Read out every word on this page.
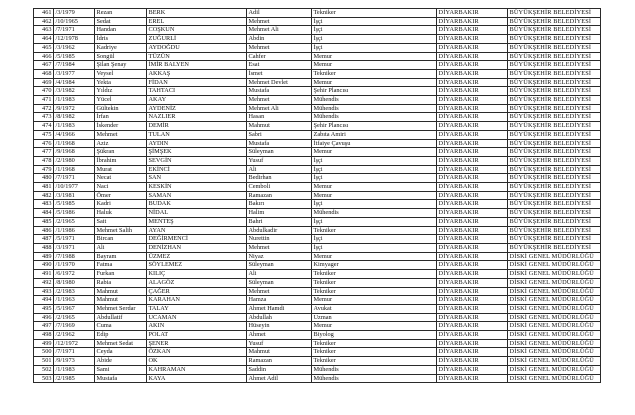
461	/3/1979	Rezan	BERK	Adil	Tekniker	DİYARBAKIR	BÜYÜKŞEHİR BELEDİYESİ
462	/10/1965	Sedat	EREL	Mehmet	İşçi	DİYARBAKIR	BÜYÜKŞEHİR BELEDİYESİ
463	/7/1971	Handan	COŞKUN	Mehmet Ali	İşçi	DİYARBAKIR	BÜYÜKŞEHİR BELEDİYESİ
464	/12/1978	İdris	ZUĞURLİ	Abdin	İşçi	DİYARBAKIR	BÜYÜKŞEHİR BELEDİYESİ
465	/3/1962	Kadriye	AYDOĞDU	Mehmet	İşçi	DİYARBAKIR	BÜYÜKŞEHİR BELEDİYESİ
466	/5/1985	Songül	TÜZÜN	Cahfer	Memur	DİYARBAKIR	BÜYÜKŞEHİR BELEDİYESİ
467	/7/1984	Şilan Şenay	İMİR BALYEN	Esat	Memur	DİYARBAKIR	BÜYÜKŞEHİR BELEDİYESİ
468	/3/1977	Veysel	AKKAŞ	İsmet	Tekniker	DİYARBAKIR	BÜYÜKŞEHİR BELEDİYESİ
469	/4/1984	Yekta	FİDAN	Mehmet Devlet	Memur	DİYARBAKIR	BÜYÜKŞEHİR BELEDİYESİ
470	/3/1982	Yıldız	TAHTACI	Mustafa	Şehir Plancısı	DİYARBAKIR	BÜYÜKŞEHİR BELEDİYESİ
471	/1/1983	Yücel	AKAY	Mehmet	Mühendis	DİYARBAKIR	BÜYÜKŞEHİR BELEDİYESİ
472	/9/1972	Gültekin	AYDENİZ	Mehmet Ali	Mühendis	DİYARBAKIR	BÜYÜKŞEHİR BELEDİYESİ
473	/8/1982	İrfan	NAZLIER	Hasan	Mühendis	DİYARBAKIR	BÜYÜKŞEHİR BELEDİYESİ
474	/1/1983	İskender	DEMİR	Mahmut	Şehir Plancısı	DİYARBAKIR	BÜYÜKŞEHİR BELEDİYESİ
475	/4/1966	Mehmet	TULAN	Sabri	Zabıta Amiri	DİYARBAKIR	BÜYÜKŞEHİR BELEDİYESİ
476	/1/1968	Aziz	AYDIN	Mustafa	İtfaiye Çavuşu	DİYARBAKIR	BÜYÜKŞEHİR BELEDİYESİ
477	/9/1968	Şükran	ŞİMŞEK	Süleyman	Memur	DİYARBAKIR	BÜYÜKŞEHİR BELEDİYESİ
478	/2/1980	İbrahim	SEVGİN	Yusuf	İşçi	DİYARBAKIR	BÜYÜKŞEHİR BELEDİYESİ
479	/1/1968	Murat	EKİNCİ	Ali	İşçi	DİYARBAKIR	BÜYÜKŞEHİR BELEDİYESİ
480	/7/1971	Necat	SAN	Bedirhan	İşçi	DİYARBAKIR	BÜYÜKŞEHİR BELEDİYESİ
481	/10/1977	Naci	KESKİN	Cemboli	Memur	DİYARBAKIR	BÜYÜKŞEHİR BELEDİYESİ
482	/3/1981	Ömer	SAMAN	Ramazan	Memur	DİYARBAKIR	BÜYÜKŞEHİR BELEDİYESİ
483	/5/1985	Kadri	BUDAK	Bakırı	İşçi	DİYARBAKIR	BÜYÜKŞEHİR BELEDİYESİ
484	/5/1986	Haluk	NİDAL	Halim	Mühendis	DİYARBAKIR	BÜYÜKŞEHİR BELEDİYESİ
485	/2/1965	Sait	MENTEŞ	Bahri	İşçi	DİYARBAKIR	BÜYÜKŞEHİR BELEDİYESİ
486	/1/1986	Mehmet Salih	AYAN	Abdulkadir	Tekniker	DİYARBAKIR	BÜYÜKŞEHİR BELEDİYESİ
487	/5/1971	Bircan	DEĞİRMENCİ	Nurettin	İşçi	DİYARBAKIR	BÜYÜKŞEHİR BELEDİYESİ
488	/3/1971	Ali	DENİZHAN	Mehmet	İşçi	DİYARBAKIR	BÜYÜKŞEHİR BELEDİYESİ
489	/7/1988	Bayram	ÜZMEZ	Niyaz	Memur	DİYARBAKIR	DİSKİ GENEL MÜDÜRLÜĞÜ
490	/1/1970	Fatma	SÖYLEMEZ	Süleyman	Kimyager	DİYARBAKIR	DİSKİ GENEL MÜDÜRLÜĞÜ
491	/6/1972	Furkan	KILIÇ	Ali	Tekniker	DİYARBAKIR	DİSKİ GENEL MÜDÜRLÜĞÜ
492	/8/1980	Rabia	ALAGÖZ	Süleyman	Tekniker	DİYARBAKIR	DİSKİ GENEL MÜDÜRLÜĞÜ
493	/2/1983	Mahmut	ÇAĞER	Mehmet	Tekniker	DİYARBAKIR	DİSKİ GENEL MÜDÜRLÜĞÜ
494	/1/1963	Mahmut	KARAHAN	Hamza	Memur	DİYARBAKIR	DİSKİ GENEL MÜDÜRLÜĞÜ
495	/5/1967	Mehmet Serdar	TALAY	Ahmet Hamdi	Avukat	DİYARBAKIR	DİSKİ GENEL MÜDÜRLÜĞÜ
496	/2/1965	Abdullatif	UCAMAN	Abdullah	Uzman	DİYARBAKIR	DİSKİ GENEL MÜDÜRLÜĞÜ
497	/7/1969	Cuma	AKIN	Hüseyin	Memur	DİYARBAKIR	DİSKİ GENEL MÜDÜRLÜĞÜ
498	/2/1962	Edip	POLAT	Ahmet	Biyolog	DİYARBAKIR	DİSKİ GENEL MÜDÜRLÜĞÜ
499	/12/1972	Mehmet Sedat	ŞENER	Yusuf	Tekniker	DİYARBAKIR	DİSKİ GENEL MÜDÜRLÜĞÜ
500	/7/1971	Ceyda	ÖZKAN	Mahmut	Tekniker	DİYARBAKIR	DİSKİ GENEL MÜDÜRLÜĞÜ
501	/9/1973	Abide	OK	Ramazan	Tekniker	DİYARBAKIR	DİSKİ GENEL MÜDÜRLÜĞÜ
502	/1/1983	Sami	KAHRAMAN	Saddin	Mühendis	DİYARBAKIR	DİSKİ GENEL MÜDÜRLÜĞÜ
503	/2/1985	Mustafa	KAYA	Ahmet Adil	Mühendis	DİYARBAKIR	DİSKİ GENEL MÜDÜRLÜĞÜ
